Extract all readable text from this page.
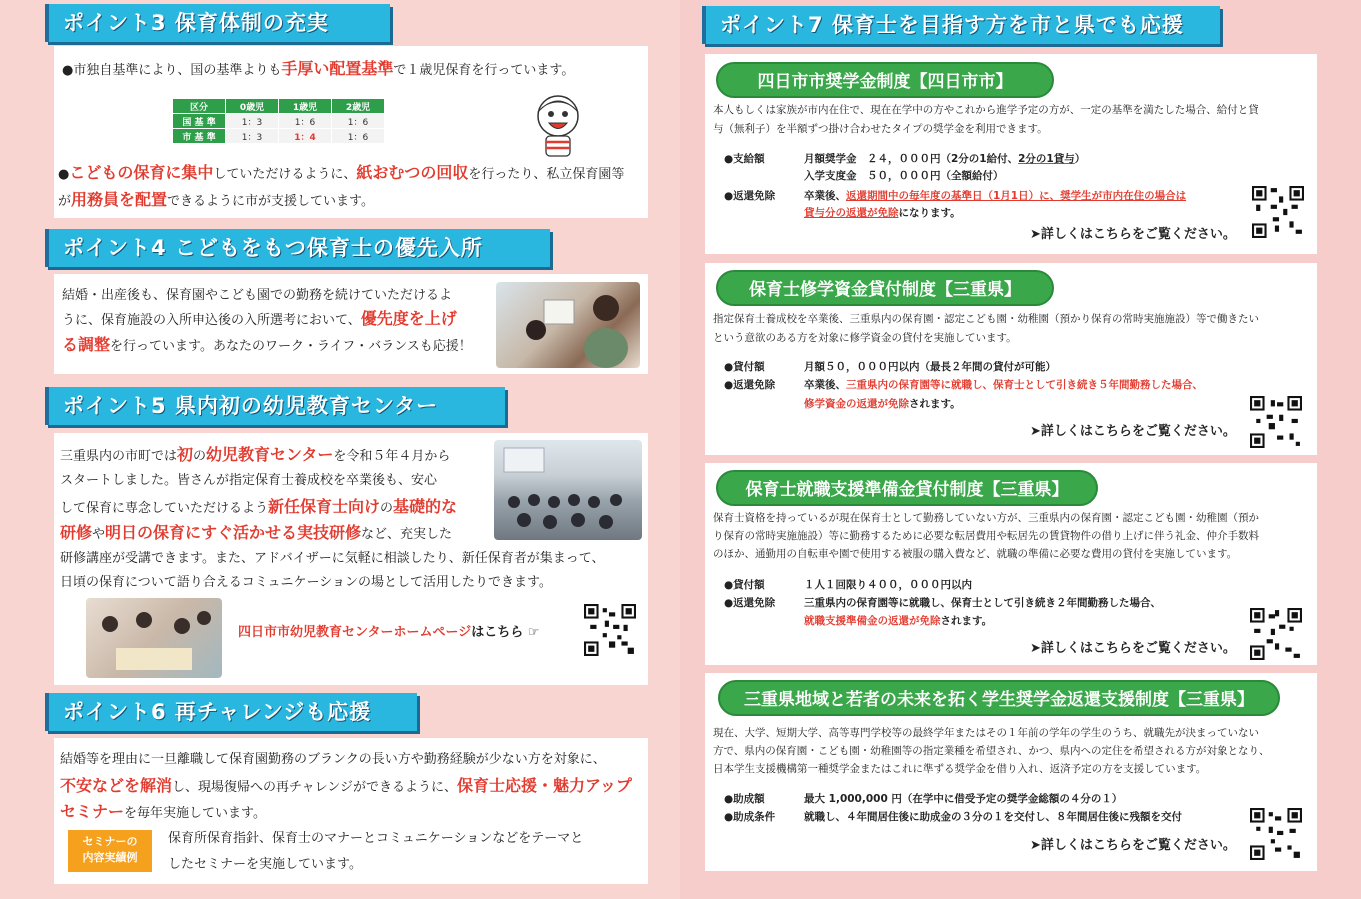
ポイント3 保育体制の充実
●市独自基準により、国の基準よりも手厚い配置基準で１歳児保育を行っています。
区分	0歳児	1歳児	2歳児
国 基 準	1：3	1：6	1：6
市 基 準	1：3	1：4	1：6
●こどもの保育に集中していただけるように、紙おむつの回収を行ったり、私立保育園等
が用務員を配置できるように市が支援しています。
ポイント4 こどもをもつ保育士の優先入所
結婚・出産後も、保育園やこども園での勤務を続けていただけるよ
うに、保育施設の入所申込後の入所選考において、優先度を上げ
る調整を行っています。あなたのワーク・ライフ・バランスも応援！
ポイント5 県内初の幼児教育センター
三重県内の市町では初の幼児教育センターを令和５年４月から
スタートしました。皆さんが指定保育士養成校を卒業後も、安心
して保育に専念していただけるよう新任保育士向けの基礎的な
研修や明日の保育にすぐ活かせる実技研修など、充実した
研修講座が受講できます。また、アドバイザーに気軽に相談したり、新任保育者が集まって、
日頃の保育について語り合えるコミュニケーションの場として活用したりできます。
四日市市幼児教育センターホームページはこちら ☞
ポイント6 再チャレンジも応援
結婚等を理由に一旦離職して保育園勤務のブランクの長い方や勤務経験が少ない方を対象に、
不安などを解消し、現場復帰への再チャレンジができるように、保育士応援・魅力アップ
セミナーを毎年実施しています。
セミナーの
内容実績例
保育所保育指針、保育士のマナーとコミュニケーションなどをテーマと
したセミナーを実施しています。
ポイント7 保育士を目指す方を市と県でも応援
四日市市奨学金制度【四日市市】
本人もしくは家族が市内在住で、現在在学中の方やこれから進学予定の方が、一定の基準を満たした場合、給付と貸
与（無利子）を半額ずつ掛け合わせたタイプの奨学金を利用できます。
●支給額	月額奨学金　２４，０００円（2分の1給付、2分の1貸与）
入学支度金　５０，０００円（全額給付）
●返還免除	卒業後、返還期間中の毎年度の基準日（1月1日）に、奨学生が市内在住の場合は
貸与分の返還が免除になります。
➤詳しくはこちらをご覧ください。
保育士修学資金貸付制度【三重県】
指定保育士養成校を卒業後、三重県内の保育園・認定こども園・幼稚園（預かり保育の常時実施施設）等で働きたい
という意欲のある方を対象に修学資金の貸付を実施しています。
●貸付額	月額５０，０００円以内（最長２年間の貸付が可能）
●返還免除	卒業後、三重県内の保育園等に就職し、保育士として引き続き５年間勤務した場合、
修学資金の返還が免除されます。
➤詳しくはこちらをご覧ください。
保育士就職支援準備金貸付制度【三重県】
保育士資格を持っているが現在保育士として勤務していない方が、三重県内の保育園・認定こども園・幼稚園（預か
り保育の常時実施施設）等に勤務するために必要な転居費用や転居先の賃貸物件の借り上げに伴う礼金、仲介手数料
のほか、通勤用の自転車や園で使用する被服の購入費など、就職の準備に必要な費用の貸付を実施しています。
●貸付額	１人１回限り４００，０００円以内
●返還免除	三重県内の保育園等に就職し、保育士として引き続き２年間勤務した場合、
就職支援準備金の返還が免除されます。
➤詳しくはこちらをご覧ください。
三重県地域と若者の未来を拓く学生奨学金返還支援制度【三重県】
現在、大学、短期大学、高等専門学校等の最終学年またはその１年前の学年の学生のうち、就職先が決まっていない
方で、県内の保育園・こども園・幼稚園等の指定業種を希望され、かつ、県内への定住を希望される方が対象となり、
日本学生支援機構第一種奨学金またはこれに準ずる奨学金を借り入れ、返済予定の方を支援しています。
●助成額	最大 1,000,000 円（在学中に借受予定の奨学金総額の４分の１）
●助成条件	就職し、４年間居住後に助成金の３分の１を交付し、８年間居住後に残額を交付
➤詳しくはこちらをご覧ください。
